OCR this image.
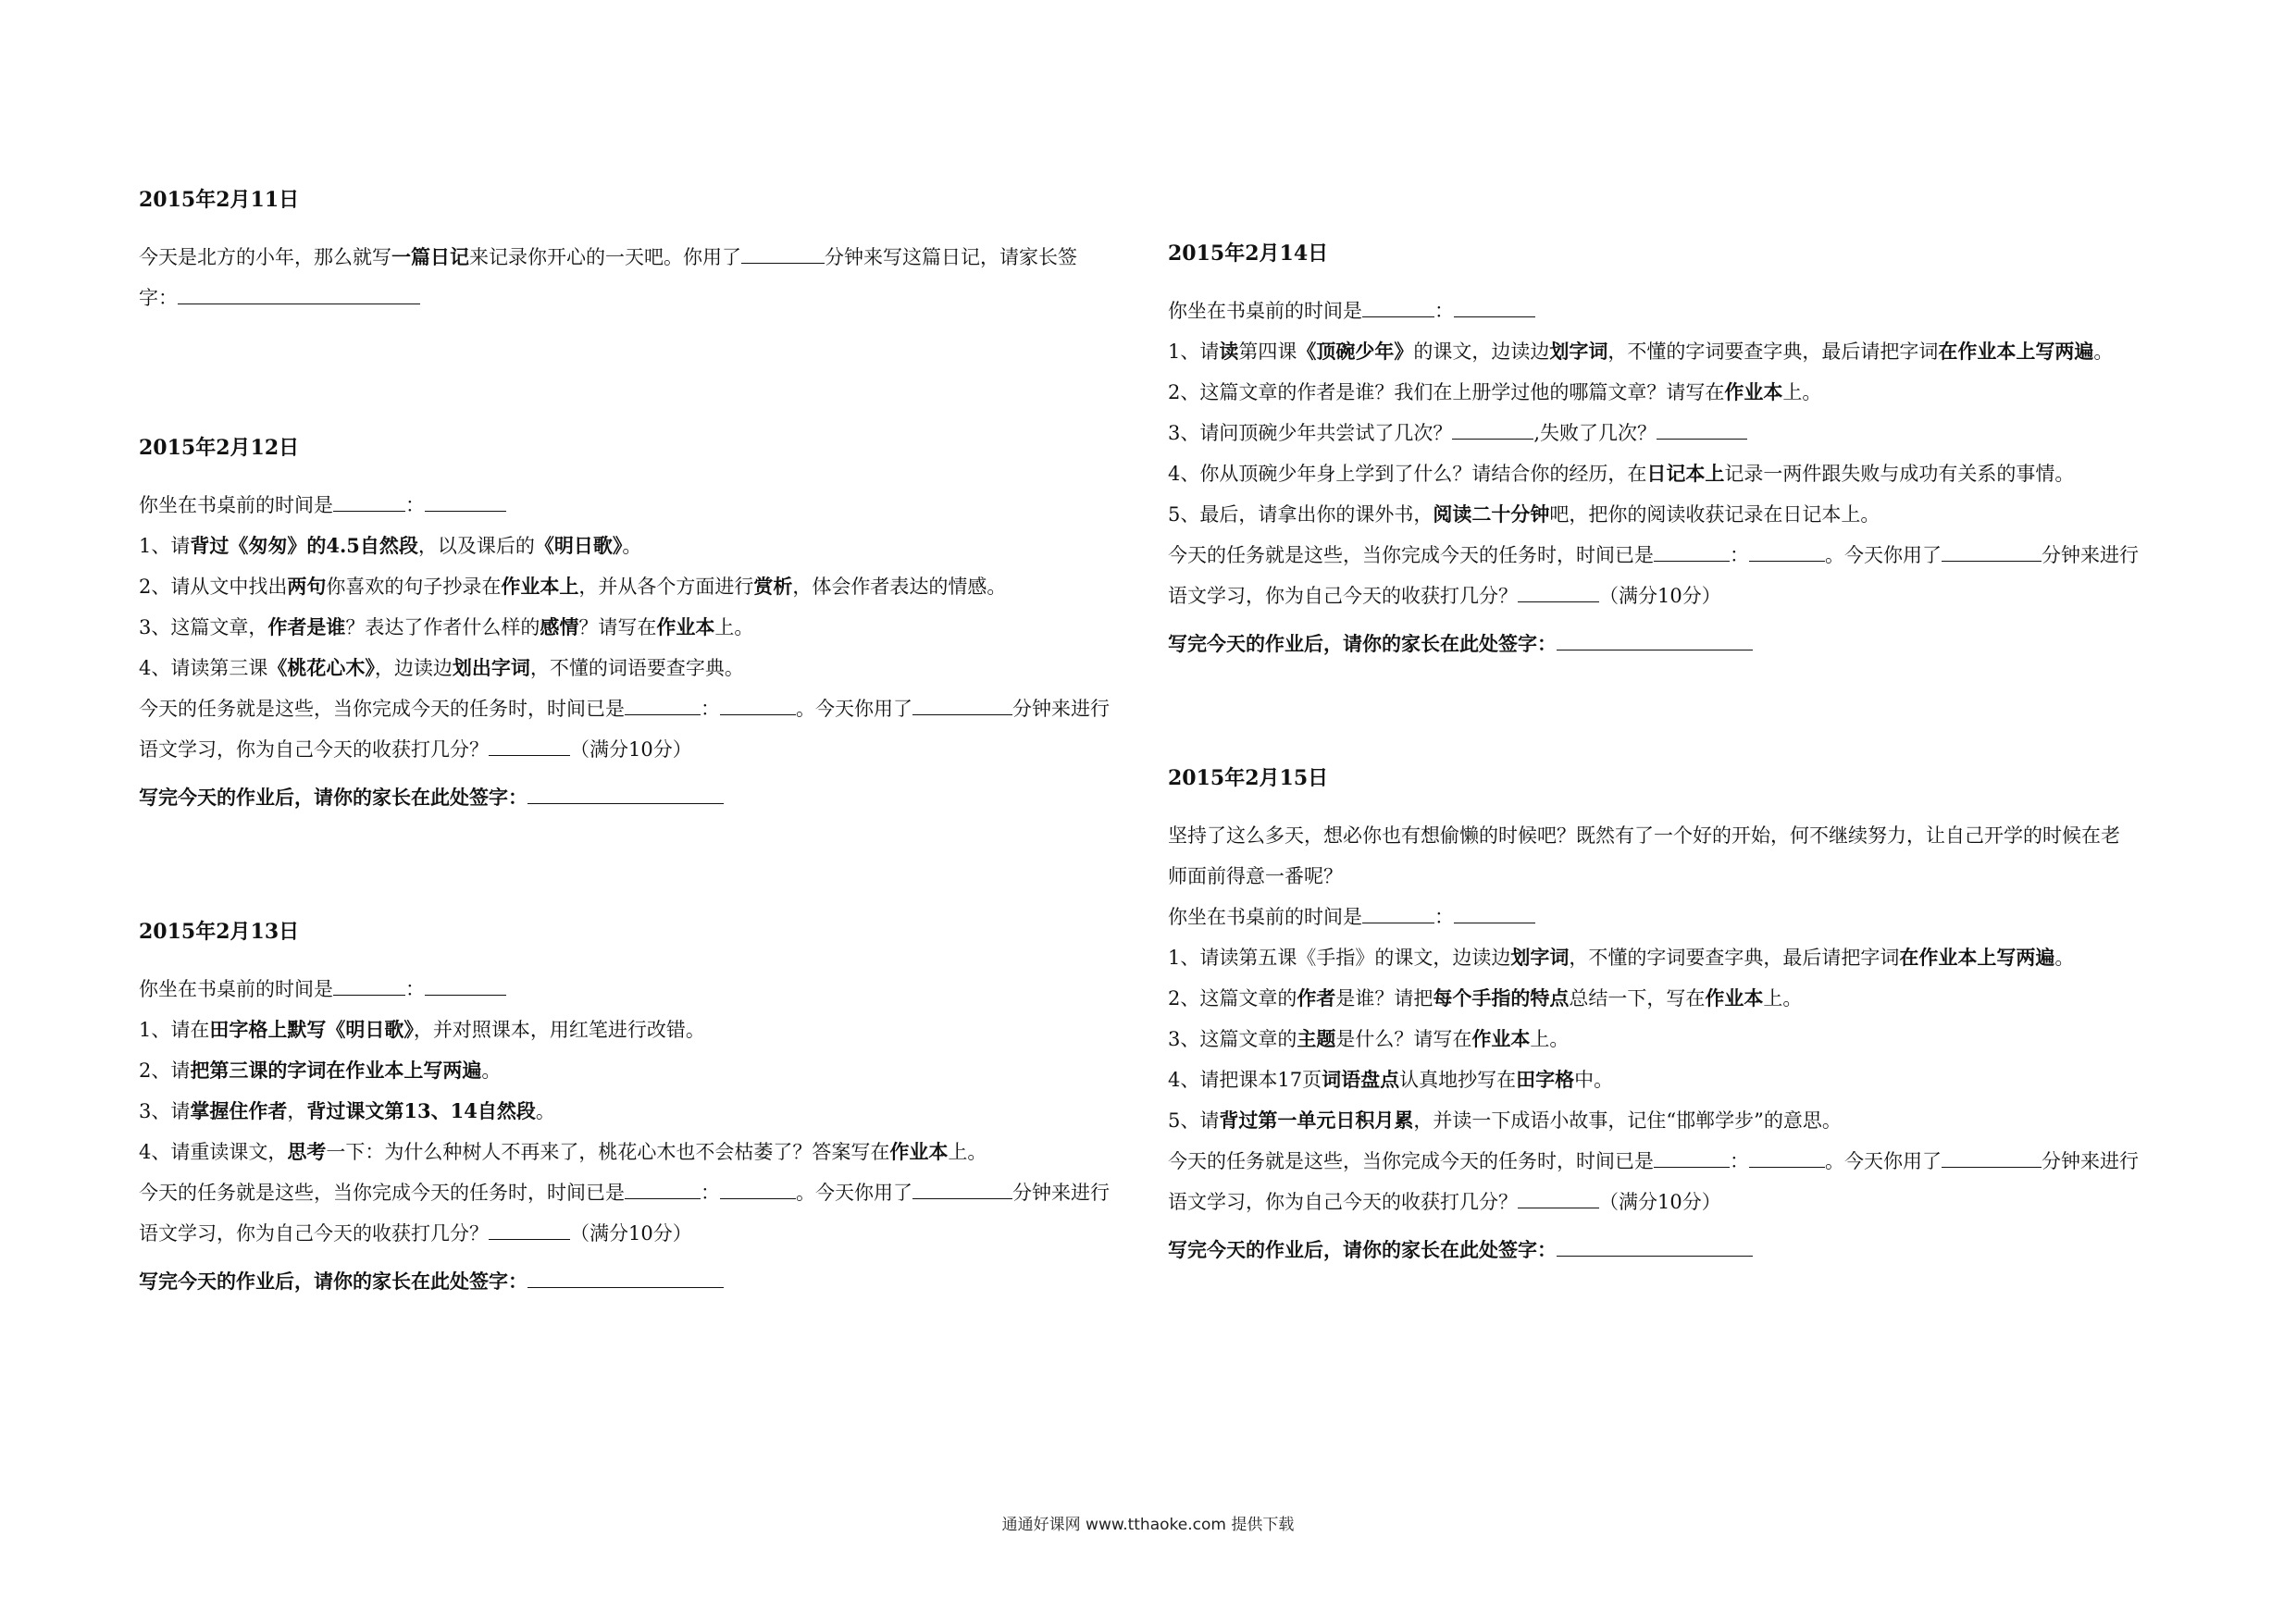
2015年2月11日

今天是北方的小年，那么就写一篇日记来记录你开心的一天吧。你用了	分钟来写这篇日记，请家长签

字：

2015年2月12日

你坐在书桌前的时间是	：

1、请背过《匆匆》的4.5自然段，以及课后的《明日歌》。

2、请从文中找出两句你喜欢的句子抄录在作业本上，并从各个方面进行赏析，体会作者表达的情感。

3、这篇文章，作者是谁？表达了作者什么样的感情？请写在作业本上。

4、请读第三课《桃花心木》，边读边划出字词，不懂的词语要查字典。

今天的任务就是这些，当你完成今天的任务时，时间已是	：	。今天你用了	分钟来进行

语文学习，你为自己今天的收获打几分？	（满分10分）

写完今天的作业后，请你的家长在此处签字：

2015年2月13日

你坐在书桌前的时间是	：

1、请在田字格上默写《明日歌》，并对照课本，用红笔进行改错。

2、请把第三课的字词在作业本上写两遍。

3、请掌握住作者，背过课文第13、14自然段。

4、请重读课文，思考一下：为什么种树人不再来了，桃花心木也不会枯萎了？答案写在作业本上。

今天的任务就是这些，当你完成今天的任务时，时间已是	：	。今天你用了	分钟来进行

语文学习，你为自己今天的收获打几分？	（满分10分）

写完今天的作业后，请你的家长在此处签字：

2015年2月14日

你坐在书桌前的时间是	：

1、请读第四课《顶碗少年》的课文，边读边划字词，不懂的字词要查字典，最后请把字词在作业本上写两遍。

2、这篇文章的作者是谁？我们在上册学过他的哪篇文章？请写在作业本上。

3、请问顶碗少年共尝试了几次？	,失败了几次？

4、你从顶碗少年身上学到了什么？请结合你的经历，在日记本上记录一两件跟失败与成功有关系的事情。

5、最后，请拿出你的课外书，阅读二十分钟吧，把你的阅读收获记录在日记本上。

今天的任务就是这些，当你完成今天的任务时，时间已是	：	。今天你用了	分钟来进行

语文学习，你为自己今天的收获打几分？	（满分10分）

写完今天的作业后，请你的家长在此处签字：

2015年2月15日

坚持了这么多天，想必你也有想偷懒的时候吧？既然有了一个好的开始，何不继续努力，让自己开学的时候在老

师面前得意一番呢？

你坐在书桌前的时间是	：

1、请读第五课《手指》的课文，边读边划字词，不懂的字词要查字典，最后请把字词在作业本上写两遍。

2、这篇文章的作者是谁？请把每个手指的特点总结一下，写在作业本上。

3、这篇文章的主题是什么？请写在作业本上。

4、请把课本17页词语盘点认真地抄写在田字格中。

5、请背过第一单元日积月累，并读一下成语小故事，记住“邯郸学步”的意思。

今天的任务就是这些，当你完成今天的任务时，时间已是	：	。今天你用了	分钟来进行

语文学习，你为自己今天的收获打几分？	（满分10分）

写完今天的作业后，请你的家长在此处签字：

通通好课网 www.tthaoke.com 提供下载
